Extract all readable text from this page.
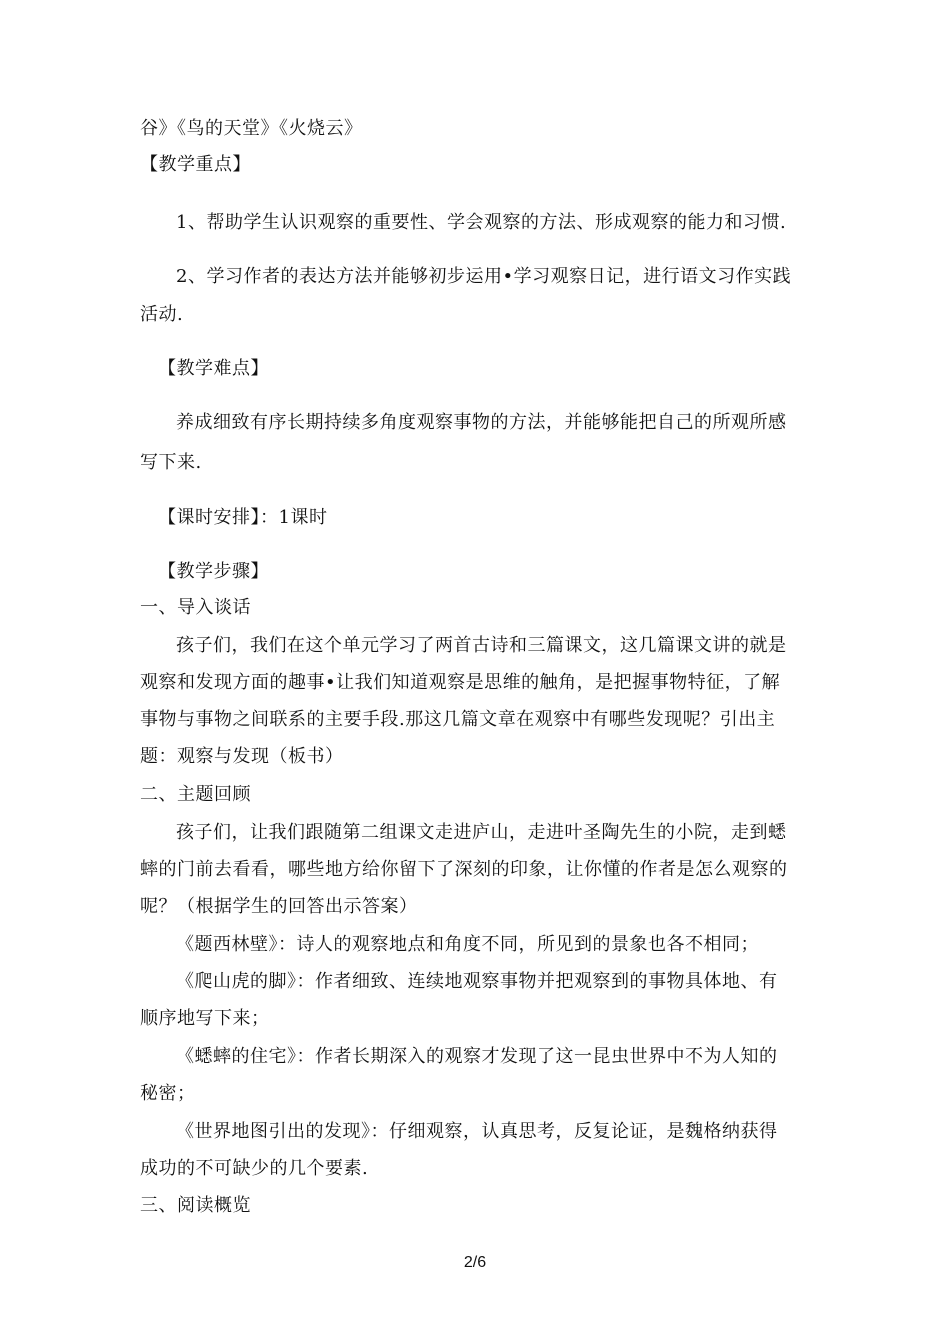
谷》《鸟的天堂》《火烧云》
【教学重点】
1、帮助学生认识观察的重要性、学会观察的方法、形成观察的能力和习惯.
2、学习作者的表达方法并能够初步运用•学习观察日记，进行语文习作实践
活动.
【教学难点】
养成细致有序长期持续多角度观察事物的方法，并能够能把自己的所观所感
写下来.
【课时安排】：1课时
【教学步骤】
一、导入谈话
孩子们，我们在这个单元学习了两首古诗和三篇课文，这几篇课文讲的就是
观察和发现方面的趣事•让我们知道观察是思维的触角，是把握事物特征，了解
事物与事物之间联系的主要手段.那这几篇文章在观察中有哪些发现呢？引出主
题：观察与发现（板书）
二、主题回顾
孩子们，让我们跟随第二组课文走进庐山，走进叶圣陶先生的小院，走到蟋
蟀的门前去看看，哪些地方给你留下了深刻的印象，让你懂的作者是怎么观察的
呢？（根据学生的回答出示答案）
《题西林壁》：诗人的观察地点和角度不同，所见到的景象也各不相同；
《爬山虎的脚》：作者细致、连续地观察事物并把观察到的事物具体地、有
顺序地写下来；
《蟋蟀的住宅》：作者长期深入的观察才发现了这一昆虫世界中不为人知的
秘密；
《世界地图引出的发现》：仔细观察，认真思考，反复论证，是魏格纳获得
成功的不可缺少的几个要素.
三、阅读概览
2/6
